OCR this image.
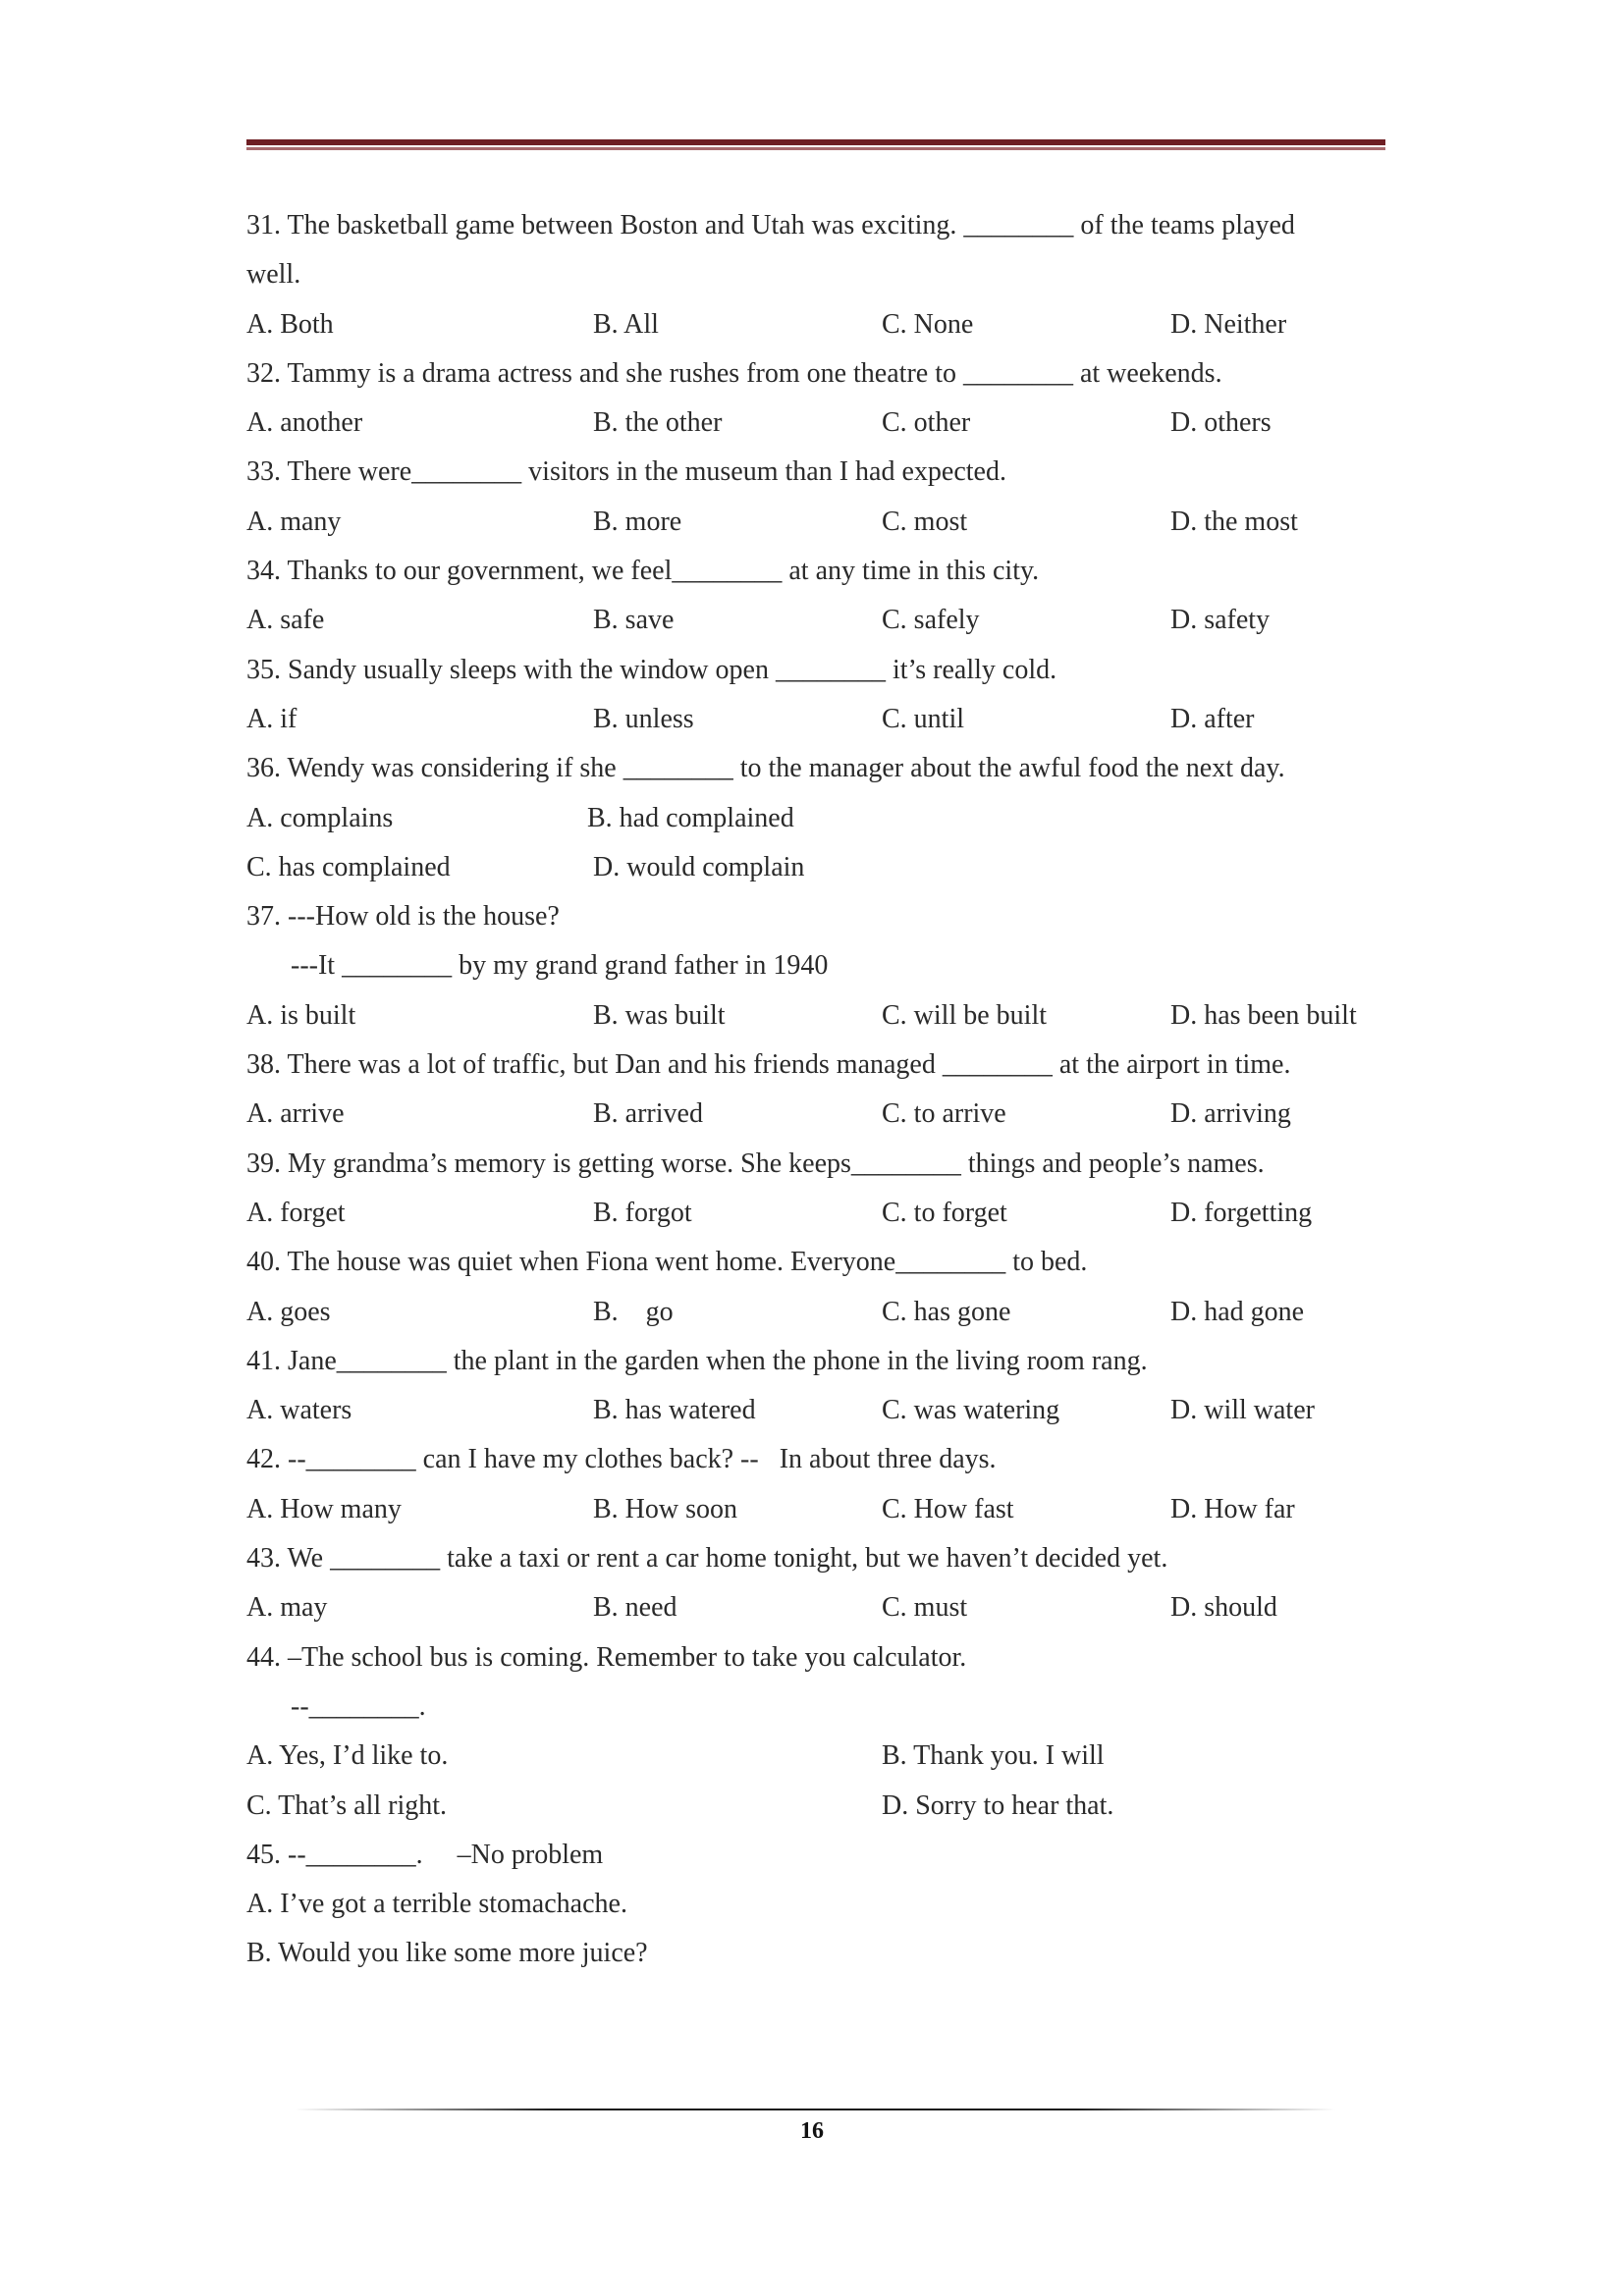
31. The basketball game between Boston and Utah was exciting. ________ of the teams played
well.
A. Both	B. All	C. None	D. Neither
32. Tammy is a drama actress and she rushes from one theatre to ________ at weekends.
A. another	B. the other	C. other	D. others
33. There were________ visitors in the museum than I had expected.
A. many	B. more	C. most	D. the most
34. Thanks to our government, we feel________ at any time in this city.
A. safe	B. save	C. safely	D. safety
35. Sandy usually sleeps with the window open ________ it’s really cold.
A. if	B. unless	C. until	D. after
36. Wendy was considering if she ________ to the manager about the awful food the next day.
A. complains	B. had complained
C. has complained	D. would complain
37. ---How old is the house?
---It ________ by my grand grand father in 1940
A. is built	B. was built	C. will be built	D. has been built
38. There was a lot of traffic, but Dan and his friends managed ________ at the airport in time.
A. arrive	B. arrived	C. to arrive	D. arriving
39. My grandma’s memory is getting worse. She keeps________ things and people’s names.
A. forget	B. forgot	C. to forget	D. forgetting
40. The house was quiet when Fiona went home. Everyone________ to bed.
A. goes	B.    go	C. has gone	D. had gone
41. Jane________ the plant in the garden when the phone in the living room rang.
A. waters	B. has watered	C. was watering	D. will water
42. --________ can I have my clothes back? --   In about three days.
A. How many	B. How soon	C. How fast	D. How far
43. We ________ take a taxi or rent a car home tonight, but we haven’t decided yet.
A. may	B. need	C. must	D. should
44. –The school bus is coming. Remember to take you calculator.
--________.
A. Yes, I’d like to.	B. Thank you. I will
C. That’s all right.	D. Sorry to hear that.
45. --________.     –No problem
A. I’ve got a terrible stomachache.
B. Would you like some more juice?
16
